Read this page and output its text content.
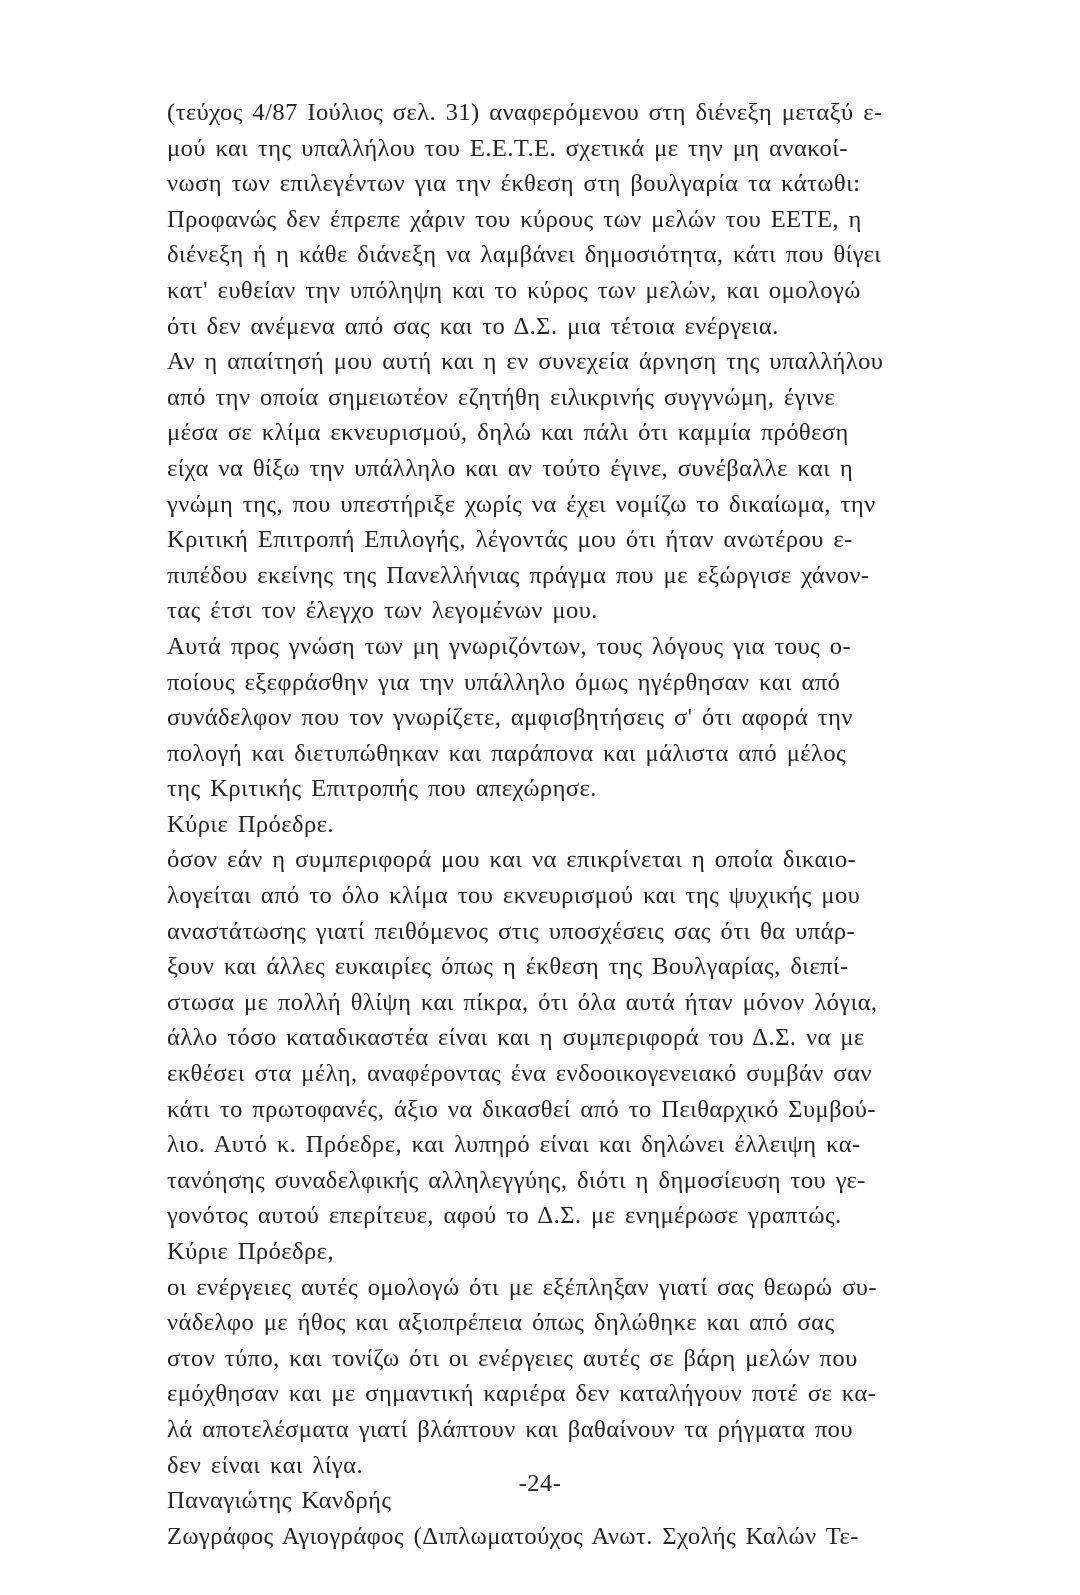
(τεύχος 4/87 Ιούλιος σελ. 31) αναφερόμενου στη διένεξη μεταξύ ε-
μού και της υπαλλήλου του Ε.Ε.Τ.Ε. σχετικά με την μη ανακοί-
νωση των επιλεγέντων για την έκθεση στη βουλγαρία τα κάτωθι:
Προφανώς δεν έπρεπε χάριν του κύρους των μελών του ΕΕΤΕ, η
διένεξη ή η κάθε διάνεξη να λαμβάνει δημοσιότητα, κάτι που θίγει
κατ' ευθείαν την υπόληψη και το κύρος των μελών, και ομολογώ
ότι δεν ανέμενα από σας και το Δ.Σ. μια τέτοια ενέργεια.
Αν η απαίτησή μου αυτή και η εν συνεχεία άρνηση της υπαλλήλου
από την οποία σημειωτέον εζητήθη ειλικρινής συγγνώμη, έγινε
μέσα σε κλίμα εκνευρισμού, δηλώ και πάλι ότι καμμία πρόθεση
είχα να θίξω την υπάλληλο και αν τούτο έγινε, συνέβαλλε και η
γνώμη της, που υπεστήριξε χωρίς να έχει νομίζω το δικαίωμα, την
Κριτική Επιτροπή Επιλογής, λέγοντάς μου ότι ήταν ανωτέρου ε-
πιπέδου εκείνης της Πανελλήνιας πράγμα που με εξώργισε χάνον-
τας έτσι τον έλεγχο των λεγομένων μου.
Αυτά προς γνώση των μη γνωριζόντων, τους λόγους για τους ο-
ποίους εξεφράσθην για την υπάλληλο όμως ηγέρθησαν και από
συνάδελφον που τον γνωρίζετε, αμφισβητήσεις σ' ότι αφορά την
πολογή και διετυπώθηκαν και παράπονα και μάλιστα από μέλος
της Κριτικής Επιτροπής που απεχώρησε.
Κύριε Πρόεδρε.
όσον εάν η συμπεριφορά μου και να επικρίνεται η οποία δικαιο-
λογείται από το όλο κλίμα του εκνευρισμού και της ψυχικής μου
αναστάτωσης γιατί πειθόμενος στις υποσχέσεις σας ότι θα υπάρ-
ξουν και άλλες ευκαιρίες όπως η έκθεση της Βουλγαρίας, διεπί-
στωσα με πολλή θλίψη και πίκρα, ότι όλα αυτά ήταν μόνον λόγια,
άλλο τόσο καταδικαστέα είναι και η συμπεριφορά του Δ.Σ. να με
εκθέσει στα μέλη, αναφέροντας ένα ενδοοικογενειακό συμβάν σαν
κάτι το πρωτοφανές, άξιο να δικασθεί από το Πειθαρχικό Συμβού-
λιο. Αυτό κ. Πρόεδρε, και λυπηρό είναι και δηλώνει έλλειψη κα-
τανόησης συναδελφικής αλληλεγγύης, διότι η δημοσίευση του γε-
γονότος αυτού επερίτευε, αφού το Δ.Σ. με ενημέρωσε γραπτώς.
Κύριε Πρόεδρε,
οι ενέργειες αυτές ομολογώ ότι με εξέπληξαν γιατί σας θεωρώ συ-
νάδελφο με ήθος και αξιοπρέπεια όπως δηλώθηκε και από σας
στον τύπο, και τονίζω ότι οι ενέργειες αυτές σε βάρη μελών που
εμόχθησαν και με σημαντική καριέρα δεν καταλήγουν ποτέ σε κα-
λά αποτελέσματα γιατί βλάπτουν και βαθαίνουν τα ρήγματα που
δεν είναι και λίγα.
Παναγιώτης Κανδρής
Ζωγράφος Αγιογράφος (Διπλωματούχος Ανωτ. Σχολής Καλών Τε-
-24-
